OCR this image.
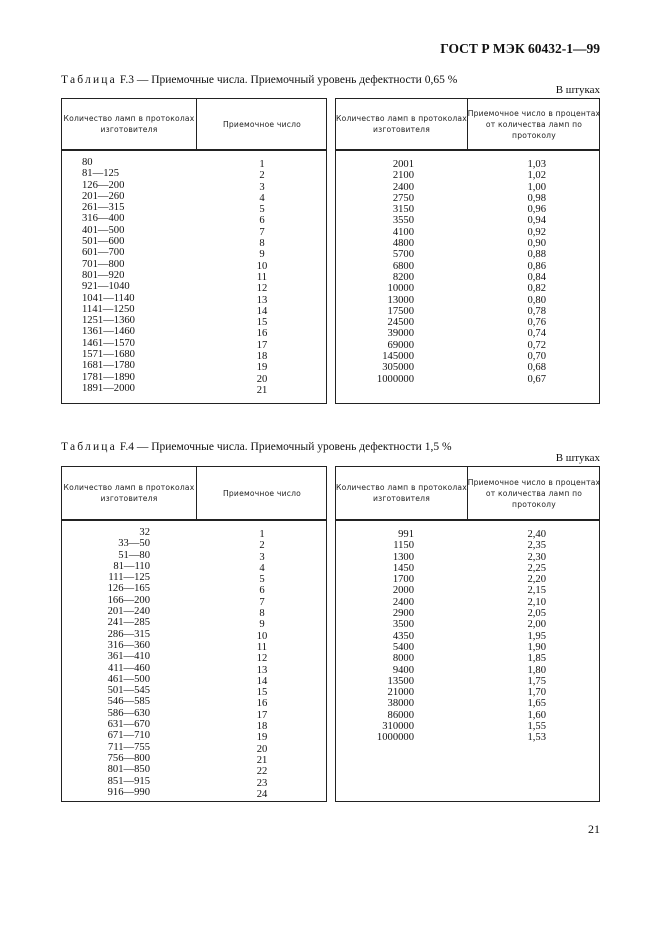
ГОСТ Р МЭК 60432-1—99
Таблица F.3 — Приемочные числа. Приемочный уровень дефектности 0,65 %
В штуках
Количество ламп в протоколах изготовителя
Приемочное число
80
81—125
126—200
201—260
261—315
316—400
401—500
501—600
601—700
701—800
801—920
921—1040
1041—1140
1141—1250
1251—1360
1361—1460
1461—1570
1571—1680
1681—1780
1781—1890
1891—2000
1
2
3
4
5
6
7
8
9
10
11
12
13
14
15
16
17
18
19
20
21
Количество ламп в протоколах изготовителя
Приемочное число в процентах от количества ламп по протоколу
2001
2100
2400
2750
3150
3550
4100
4800
5700
6800
8200
10000
13000
17500
24500
39000
69000
145000
305000
1000000
1,03
1,02
1,00
0,98
0,96
0,94
0,92
0,90
0,88
0,86
0,84
0,82
0,80
0,78
0,76
0,74
0,72
0,70
0,68
0,67
Таблица F.4 — Приемочные числа. Приемочный уровень дефектности 1,5 %
В штуках
Количество ламп в протоколах изготовителя
Приемочное число
32
33—50
51—80
81—110
111—125
126—165
166—200
201—240
241—285
286—315
316—360
361—410
411—460
461—500
501—545
546—585
586—630
631—670
671—710
711—755
756—800
801—850
851—915
916—990
1
2
3
4
5
6
7
8
9
10
11
12
13
14
15
16
17
18
19
20
21
22
23
24
Количество ламп в протоколах изготовителя
Приемочное число в процентах от количества ламп по протоколу
991
1150
1300
1450
1700
2000
2400
2900
3500
4350
5400
8000
9400
13500
21000
38000
86000
310000
1000000
2,40
2,35
2,30
2,25
2,20
2,15
2,10
2,05
2,00
1,95
1,90
1,85
1,80
1,75
1,70
1,65
1,60
1,55
1,53
21
